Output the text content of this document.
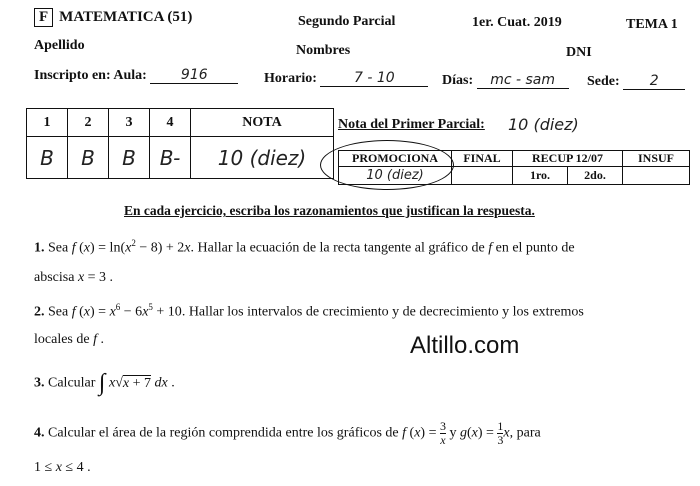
F MATEMATICA (51)	Segundo Parcial	1er. Cuat. 2019	TEMA 1
Apellido	Nombres	DNI
Inscripto en: Aula: 916	Horario:	7 - 10	Días: mc - sam	Sede: 2
1	2	3	4	NOTA
B	B	B	B-	10 (diez)
Nota del Primer Parcial: 10 (diez)
PROMOCIONA	FINAL	RECUP 12/07		INSUF
10 (diez)		1ro.	2do.	
En cada ejercicio, escriba los razonamientos que justifican la respuesta.
1. Sea f $(x) = \ln(x^2 - 8) + 2x$. Hallar la ecuación de la recta tangente al gráfico de f en el punto de
abscisa x = 3 .
2. Sea f $(x) = x^6 - 6x^5 + 10$. Hallar los intervalos de crecimiento y de decrecimiento y los extremos
locales de f .	Altillo.com
3. Calcular ∫ x√x + 7 dx .
4. Calcular el área de la región comprendida entre los gráficos de f $(x) = \frac{3}{x}$ y $g(x) = \frac{1}{3} x$, para
1 ≤ x ≤ 4 .
